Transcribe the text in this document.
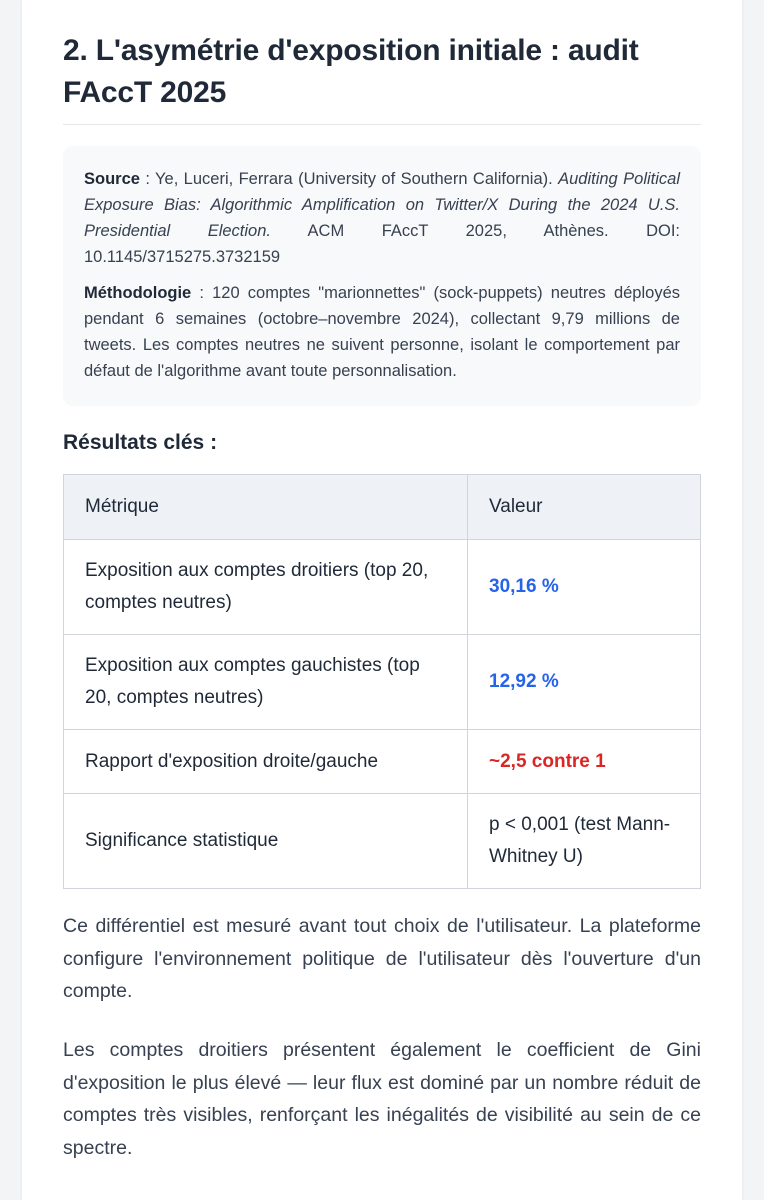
2. L'asymétrie d'exposition initiale : audit FAccT 2025

Source : Ye, Luceri, Ferrara (University of Southern California). Auditing Political Exposure Bias: Algorithmic Amplification on Twitter/X During the 2024 U.S. Presidential Election. ACM FAccT 2025, Athènes. DOI: 10.1145/3715275.3732159

Méthodologie : 120 comptes "marionnettes" (sock-puppets) neutres déployés pendant 6 semaines (octobre–novembre 2024), collectant 9,79 millions de tweets. Les comptes neutres ne suivent personne, isolant le comportement par défaut de l'algorithme avant toute personnalisation.

Résultats clés :
Métrique	Valeur
Exposition aux comptes droitiers (top 20, comptes neutres)	30,16 %
Exposition aux comptes gauchistes (top 20, comptes neutres)	12,92 %
Rapport d'exposition droite/gauche	~2,5 contre 1
Significance statistique	p < 0,001 (test Mann-Whitney U)

Ce différentiel est mesuré avant tout choix de l'utilisateur. La plateforme configure l'environnement politique de l'utilisateur dès l'ouverture d'un compte.

Les comptes droitiers présentent également le coefficient de Gini d'exposition le plus élevé — leur flux est dominé par un nombre réduit de comptes très visibles, renforçant les inégalités de visibilité au sein de ce spectre.
